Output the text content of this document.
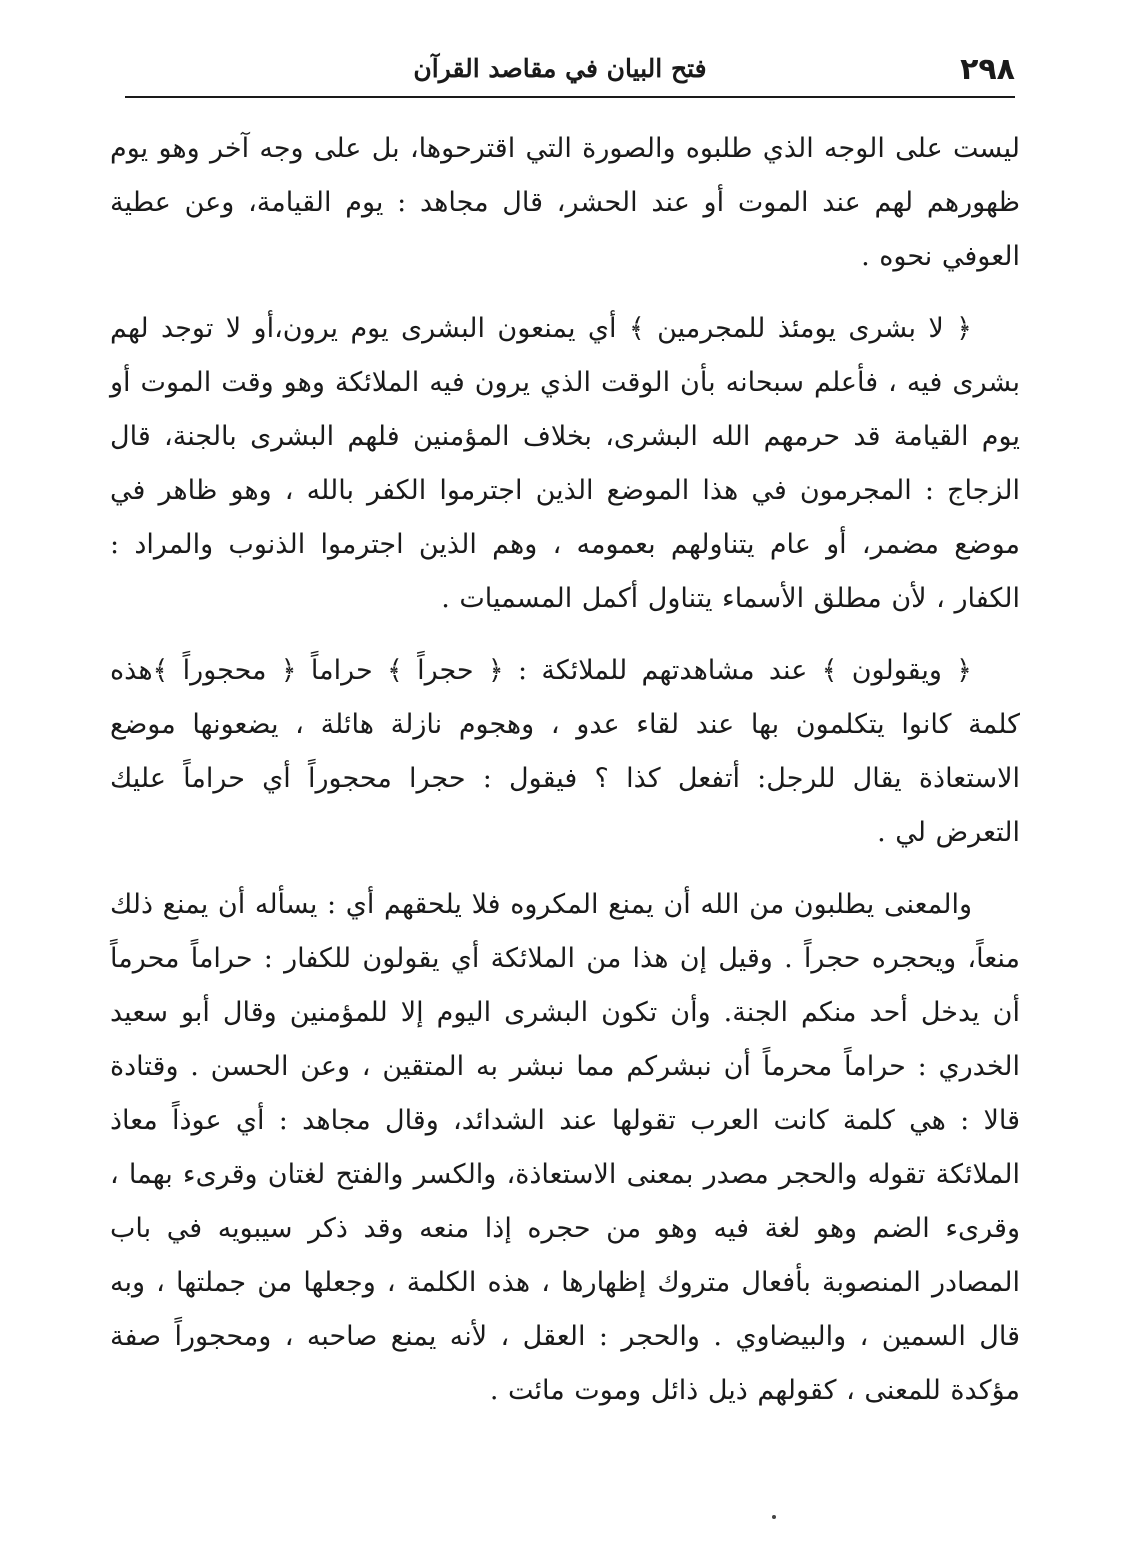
٢٩٨
فتح البيان في مقاصد القرآن

ليست على الوجه الذي طلبوه والصورة التي اقترحوها، بل على وجه آخر وهو يوم ظهورهم لهم عند الموت أو عند الحشر، قال مجاهد : يوم القيامة، وعن عطية العوفي نحوه .

﴿ لا بشرى يومئذ للمجرمين ﴾ أي يمنعون البشرى يوم يرون،أو لا توجد لهم بشرى فيه ، فأعلم سبحانه بأن الوقت الذي يرون فيه الملائكة وهو وقت الموت أو يوم القيامة قد حرمهم الله البشرى، بخلاف المؤمنين فلهم البشرى بالجنة، قال الزجاج : المجرمون في هذا الموضع الذين اجترموا الكفر بالله ، وهو ظاهر في موضع مضمر، أو عام يتناولهم بعمومه ، وهم الذين اجترموا الذنوب والمراد : الكفار ، لأن مطلق الأسماء يتناول أكمل المسميات .

﴿ ويقولون ﴾ عند مشاهدتهم للملائكة : ﴿ حجراً ﴾ حراماً ﴿ محجوراً ﴾هذه كلمة كانوا يتكلمون بها عند لقاء عدو ، وهجوم نازلة هائلة ، يضعونها موضع الاستعاذة يقال للرجل: أتفعل كذا ؟ فيقول : حجرا محجوراً أي حراماً عليك التعرض لي .

والمعنى يطلبون من الله أن يمنع المكروه فلا يلحقهم أي : يسأله أن يمنع ذلك منعاً، ويحجره حجراً . وقيل إن هذا من الملائكة أي يقولون للكفار : حراماً محرماً أن يدخل أحد منكم الجنة. وأن تكون البشرى اليوم إلا للمؤمنين وقال أبو سعيد الخدري : حراماً محرماً أن نبشركم مما نبشر به المتقين ، وعن الحسن . وقتادة قالا : هي كلمة كانت العرب تقولها عند الشدائد، وقال مجاهد : أي عوذاً معاذ الملائكة تقوله والحجر مصدر بمعنى الاستعاذة، والكسر والفتح لغتان وقرىء بهما ، وقرىء الضم وهو لغة فيه وهو من حجره إذا منعه وقد ذكر سيبويه في باب المصادر المنصوبة بأفعال متروك إظهارها ، هذه الكلمة ، وجعلها من جملتها ، وبه قال السمين ، والبيضاوي . والحجر : العقل ، لأنه يمنع صاحبه ، ومحجوراً صفة مؤكدة للمعنى ، كقولهم ذيل ذائل وموت مائت .
